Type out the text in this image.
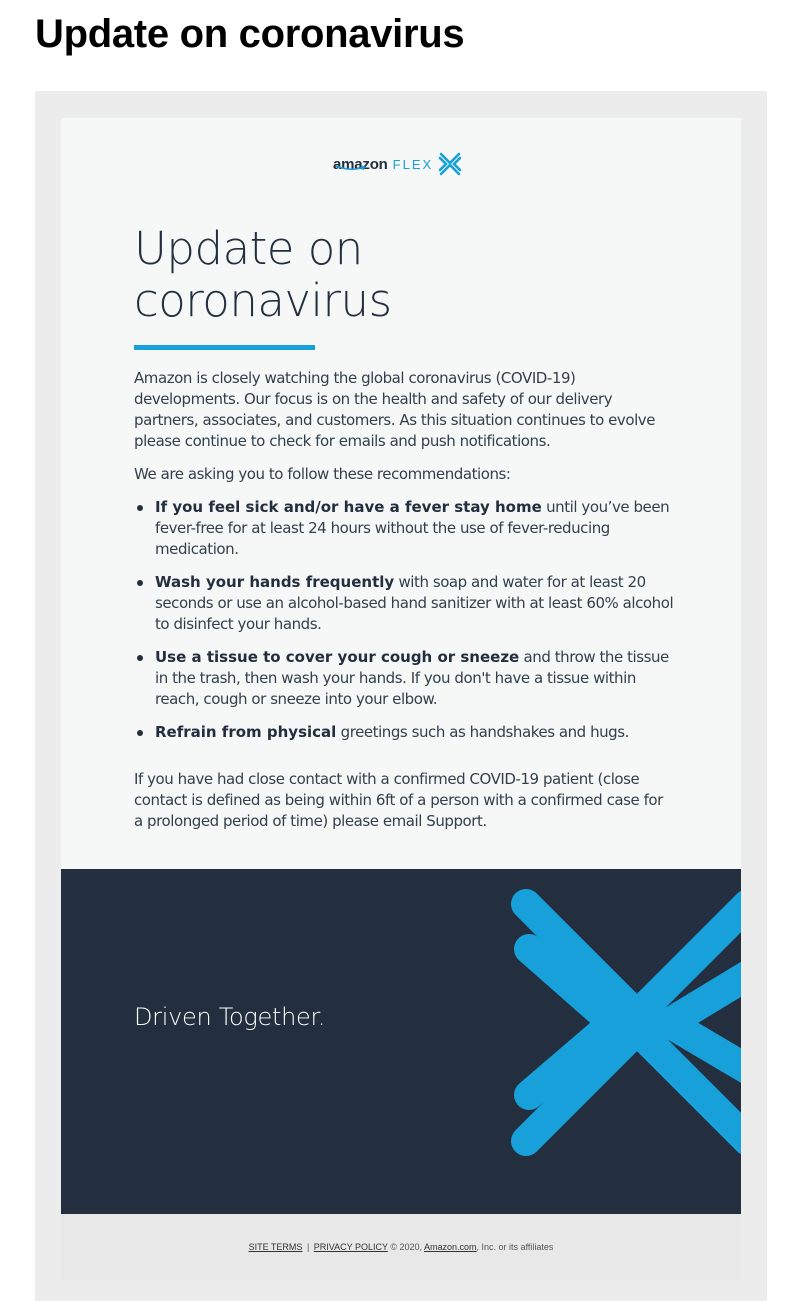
Update on coronavirus
amazon FLEX
Update on coronavirus

Amazon is closely watching the global coronavirus (COVID-19) developments. Our focus is on the health and safety of our delivery partners, associates, and customers. As this situation continues to evolve please continue to check for emails and push notifications.

We are asking you to follow these recommendations:

If you feel sick and/or have a fever stay home until you’ve been fever-free for at least 24 hours without the use of fever-reducing medication.
Wash your hands frequently with soap and water for at least 20 seconds or use an alcohol-based hand sanitizer with at least 60% alcohol to disinfect your hands.
Use a tissue to cover your cough or sneeze and throw the tissue in the trash, then wash your hands. If you don't have a tissue within reach, cough or sneeze into your elbow.
Refrain from physical greetings such as handshakes and hugs.

If you have had close contact with a confirmed COVID-19 patient (close contact is defined as being within 6ft of a person with a confirmed case for a prolonged period of time) please email Support.

Driven Together.
SITE TERMS | PRIVACY POLICY © 2020, Amazon.com, Inc. or its affiliates
